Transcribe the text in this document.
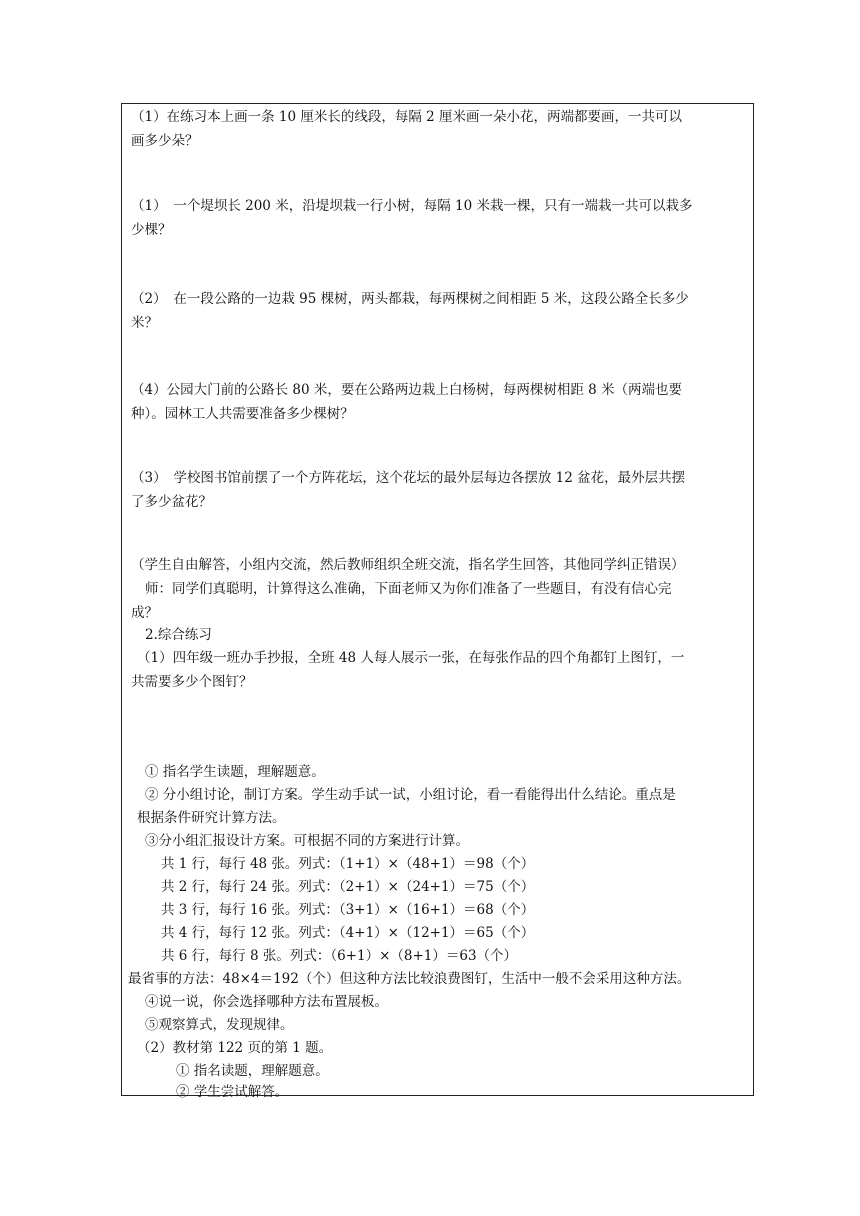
（1）在练习本上画一条 10 厘米长的线段，每隔 2 厘米画一朵小花，两端都要画，一共可以
画多少朵？
（1）　一个堤坝长 200 米，沿堤坝栽一行小树，每隔 10 米栽一棵，只有一端栽一共可以栽多
少棵？
（2）　在一段公路的一边栽 95 棵树，两头都栽，每两棵树之间相距 5 米，这段公路全长多少
米？
（4）公园大门前的公路长 80 米，要在公路两边栽上白杨树，每两棵树相距 8 米（两端也要
种）。园林工人共需要准备多少棵树？
（3）　学校图书馆前摆了一个方阵花坛，这个花坛的最外层每边各摆放 12 盆花，最外层共摆
了多少盆花？
（学生自由解答，小组内交流，然后教师组织全班交流，指名学生回答，其他同学纠正错误）
师：同学们真聪明，计算得这么准确，下面老师又为你们准备了一些题目，有没有信心完
成？
2.综合练习
（1）四年级一班办手抄报，全班 48 人每人展示一张，在每张作品的四个角都钉上图钉，一
共需要多少个图钉？
① 指名学生读题，理解题意。
② 分小组讨论，制订方案。学生动手试一试，小组讨论，看一看能得出什么结论。重点是
根据条件研究计算方法。
③分小组汇报设计方案。可根据不同的方案进行计算。
共 1 行，每行 48 张。列式：（1+1）×（48+1）＝98（个）
共 2 行，每行 24 张。列式：（2+1）×（24+1）＝75（个）
共 3 行，每行 16 张。列式：（3+1）×（16+1）＝68（个）
共 4 行，每行 12 张。列式：（4+1）×（12+1）＝65（个）
共 6 行，每行 8 张。列式：（6+1）×（8+1）＝63（个）
最省事的方法：48×4＝192（个）但这种方法比较浪费图钉，生活中一般不会采用这种方法。
④说一说，你会选择哪种方法布置展板。
⑤观察算式，发现规律。
（2）教材第 122 页的第 1 题。
① 指名读题，理解题意。
② 学生尝试解答。
